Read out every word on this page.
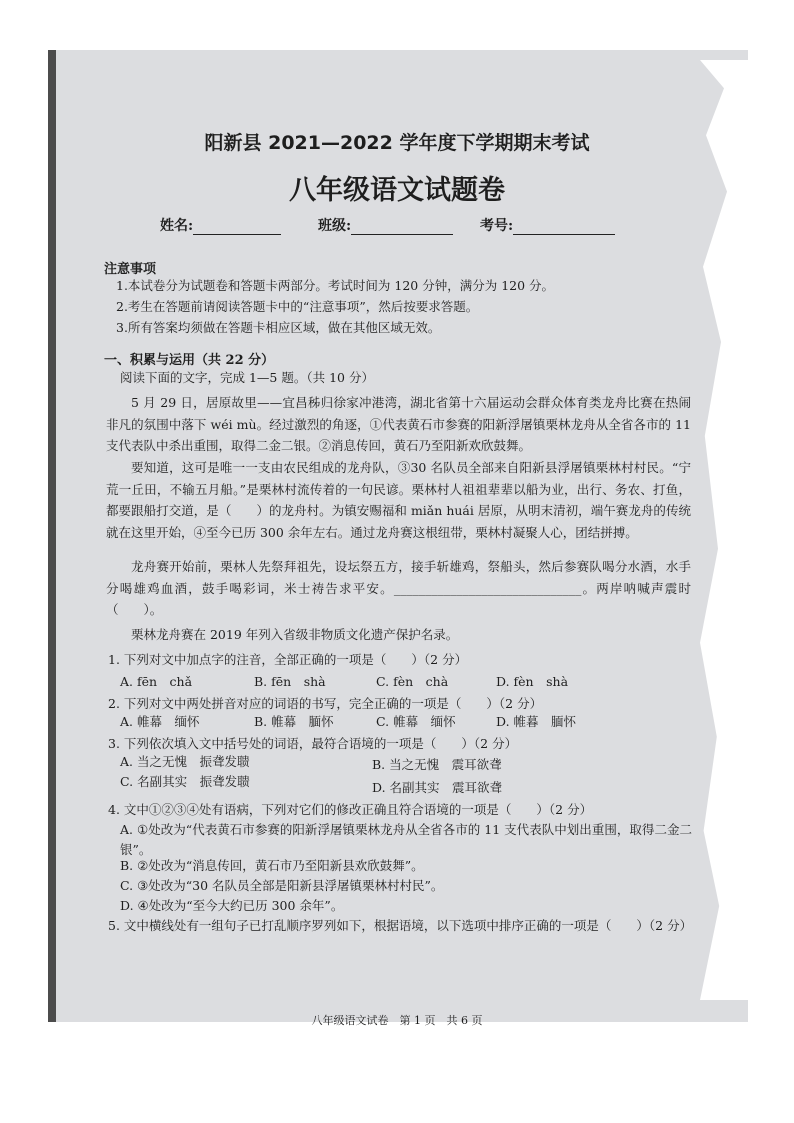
阳新县 2021—2022 学年度下学期期末考试
八年级语文试题卷
姓名:	班级:	考号:
注意事项
1.本试卷分为试题卷和答题卡两部分。考试时间为 120 分钟，满分为 120 分。
2.考生在答题前请阅读答题卡中的“注意事项”，然后按要求答题。
3.所有答案均须做在答题卡相应区域，做在其他区域无效。
一、积累与运用（共 22 分）
阅读下面的文字，完成 1—5 题。（共 10 分）
5 月 29 日，居原故里——宜昌秭归徐家冲港湾，湖北省第十六届运动会群众体育类龙舟比赛在热闹非凡的氛围中落下 wéi mù。经过激烈的角逐，①代表黄石市参赛的阳新浮屠镇栗林龙舟从全省各市的 11 支代表队中杀出重围，取得二金二银。②消息传回，黄石乃至阳新欢欣鼓舞。
要知道，这可是唯一一支由农民组成的龙舟队，③30 名队员全部来自阳新县浮屠镇栗林村村民。“宁荒一丘田，不输五月船。”是栗林村流传着的一句民谚。栗林村人祖祖辈辈以船为业，出行、务农、打鱼，都要跟船打交道，是（　　）的龙舟村。为镇安赐福和 miǎn huái 居原，从明末清初，端午赛龙舟的传统就在这里开始，④至今已历 300 余年左右。通过龙舟赛这根纽带，栗林村凝聚人心，团结拼搏。
龙舟赛开始前，栗林人先祭拜祖先，设坛祭五方，接手斩雄鸡，祭船头，然后参赛队喝分水酒，水手分喝雄鸡血酒，鼓手喝彩词，米士祷告求平安。______________________________。两岸呐喊声震时（　　）。
栗林龙舟赛在 2019 年列入省级非物质文化遗产保护名录。
1. 下列对文中加点字的注音，全部正确的一项是（　　）（2 分）
A. fēn　chǎ	B. fēn　shà	C. fèn　chà	D. fèn　shà
2. 下列对文中两处拼音对应的词语的书写，完全正确的一项是（　　）（2 分）
A. 帷幕　缅怀	B. 帷幕　腼怀	C. 帷幕　缅怀	D. 帷暮　腼怀
3. 下列依次填入文中括号处的词语，最符合语境的一项是（　　）（2 分）
A. 当之无愧　振聋发聩	B. 当之无愧　震耳欲聋
C. 名副其实　振聋发聩	D. 名副其实　震耳欲聋
4. 文中①②③④处有语病，下列对它们的修改正确且符合语境的一项是（　　）（2 分）
A. ①处改为“代表黄石市参赛的阳新浮屠镇栗林龙舟从全省各市的 11 支代表队中划出重围，取得二金二银”。
B. ②处改为“消息传回，黄石市乃至阳新县欢欣鼓舞”。
C. ③处改为“30 名队员全部是阳新县浮屠镇栗林村村民”。
D. ④处改为“至今大约已历 300 余年”。
5. 文中横线处有一组句子已打乱顺序罗列如下，根据语境，以下选项中排序正确的一项是（　　）（2 分）
八年级语文试卷　第 1 页　共 6 页
